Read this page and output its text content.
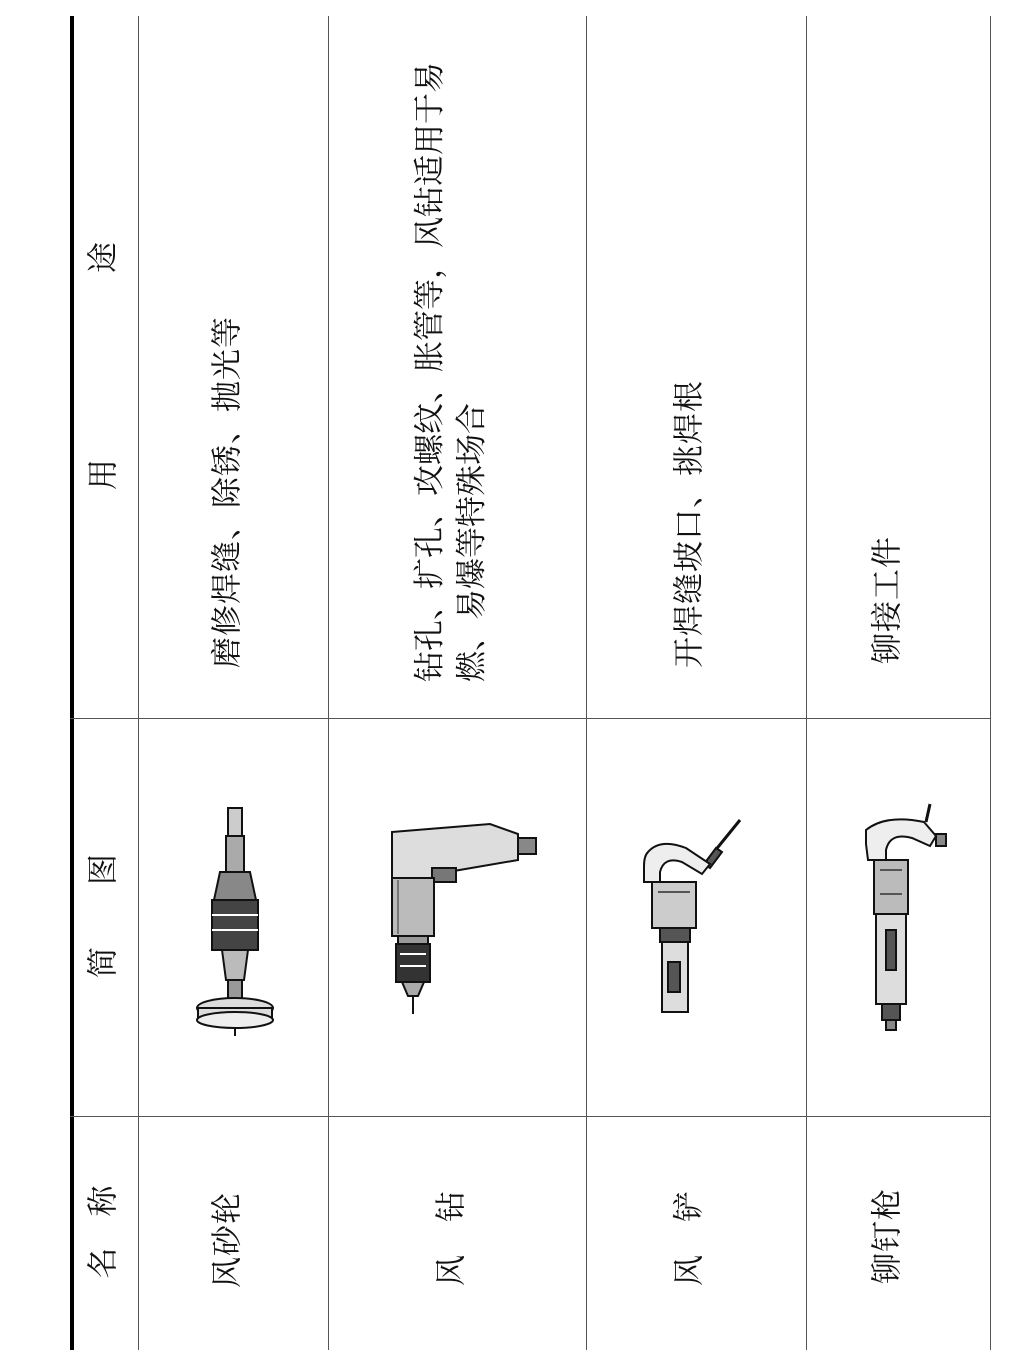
名　称
简　　图
用　　　　　　途
风砂轮
磨修焊缝、除锈、抛光等
风　钻
钻孔、扩孔、攻螺纹、胀管等，风钻适用于易 燃、易爆等特殊场合
风　铲
开焊缝坡口、挑焊根
铆钉枪
铆接工件
